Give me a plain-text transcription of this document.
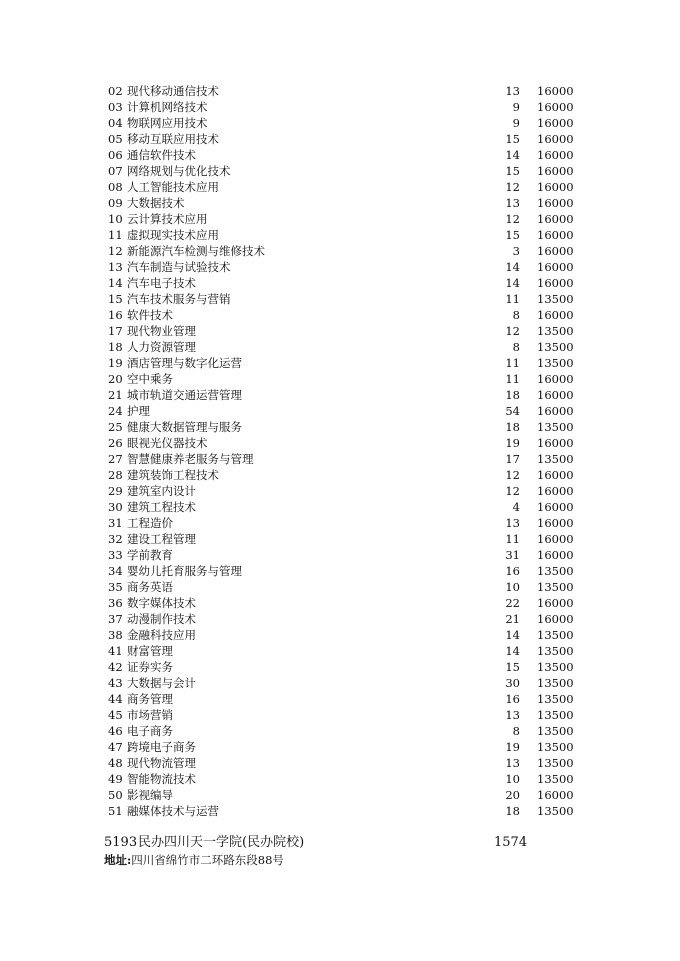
02 现代移动通信技术	13 16000
03 计算机网络技术	9 16000
04 物联网应用技术	9 16000
05 移动互联应用技术	15 16000
06 通信软件技术	14 16000
07 网络规划与优化技术	15 16000
08 人工智能技术应用	12 16000
09 大数据技术	13 16000
10 云计算技术应用	12 16000
11 虚拟现实技术应用	15 16000
12 新能源汽车检测与维修技术	3 16000
13 汽车制造与试验技术	14 16000
14 汽车电子技术	14 16000
15 汽车技术服务与营销	11 13500
16 软件技术	8 16000
17 现代物业管理	12 13500
18 人力资源管理	8 13500
19 酒店管理与数字化运营	11 13500
20 空中乘务	11 16000
21 城市轨道交通运营管理	18 16000
24 护理	54 16000
25 健康大数据管理与服务	18 13500
26 眼视光仪器技术	19 16000
27 智慧健康养老服务与管理	17 13500
28 建筑装饰工程技术	12 16000
29 建筑室内设计	12 16000
30 建筑工程技术	4 16000
31 工程造价	13 16000
32 建设工程管理	11 16000
33 学前教育	31 16000
34 婴幼儿托育服务与管理	16 13500
35 商务英语	10 13500
36 数字媒体技术	22 16000
37 动漫制作技术	21 16000
38 金融科技应用	14 13500
41 财富管理	14 13500
42 证券实务	15 13500
43 大数据与会计	30 13500
44 商务管理	16 13500
45 市场营销	13 13500
46 电子商务	8 13500
47 跨境电子商务	19 13500
48 现代物流管理	13 13500
49 智能物流技术	10 13500
50 影视编导	20 16000
51 融媒体技术与运营	18 13500
5193 民办四川天一学院(民办院校)	1574
地址:四川省绵竹市二环路东段88号
